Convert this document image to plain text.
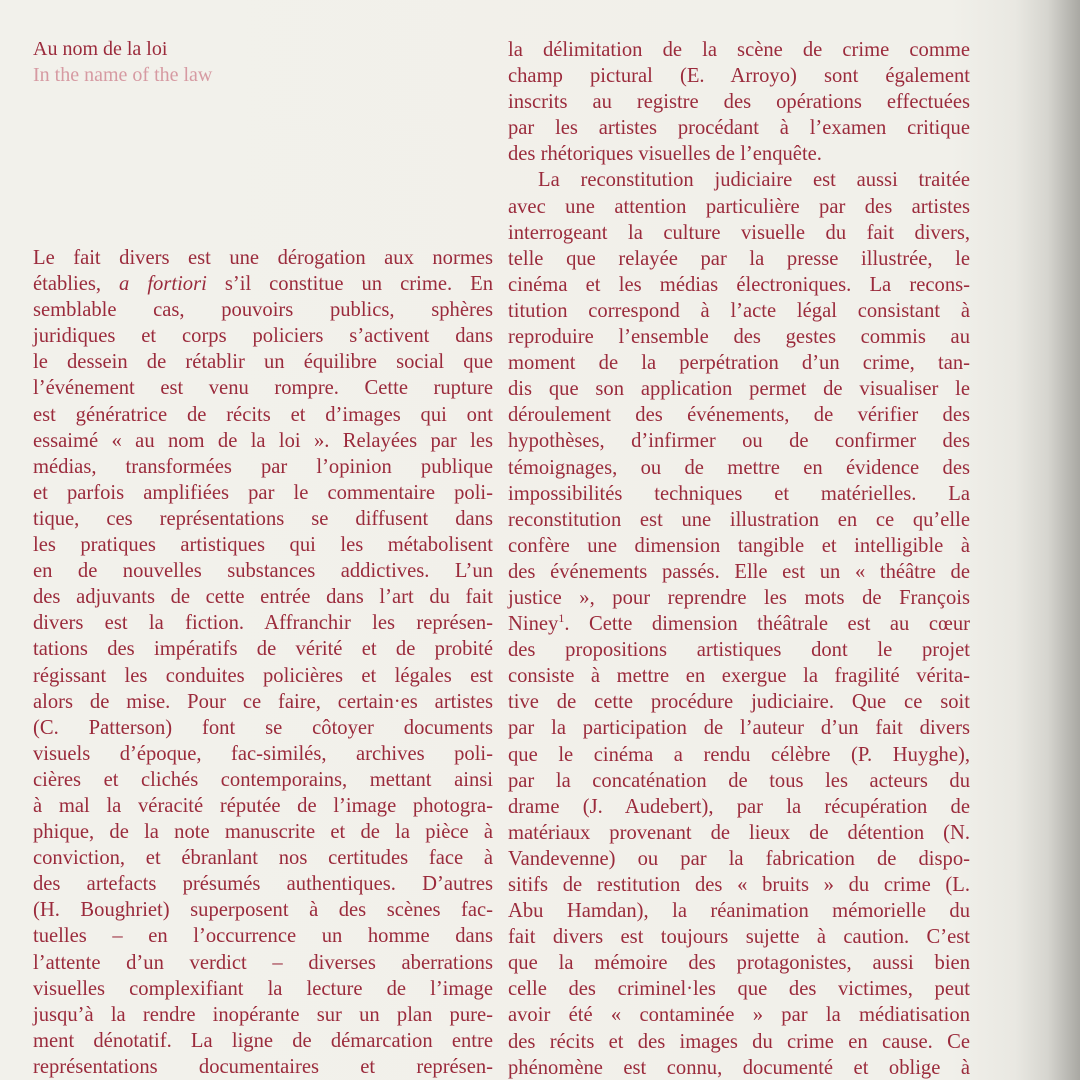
Au nom de la loi
In the name of the law
Le fait divers est une dérogation aux normes
établies, a fortiori s’il constitue un crime. En
semblable cas, pouvoirs publics, sphères
juridiques et corps policiers s’activent dans
le dessein de rétablir un équilibre social que
l’événement est venu rompre. Cette rupture
est génératrice de récits et d’images qui ont
essaimé « au nom de la loi ». Relayées par les
médias, transformées par l’opinion publique
et parfois amplifiées par le commentaire poli-
tique, ces représentations se diffusent dans
les pratiques artistiques qui les métabolisent
en de nouvelles substances addictives. L’un
des adjuvants de cette entrée dans l’art du fait
divers est la fiction. Affranchir les représen-
tations des impératifs de vérité et de probité
régissant les conduites policières et légales est
alors de mise. Pour ce faire, certain·es artistes
(C. Patterson) font se côtoyer documents
visuels d’époque, fac-similés, archives poli-
cières et clichés contemporains, mettant ainsi
à mal la véracité réputée de l’image photogra-
phique, de la note manuscrite et de la pièce à
conviction, et ébranlant nos certitudes face à
des artefacts présumés authentiques. D’autres
(H. Boughriet) superposent à des scènes fac-
tuelles – en l’occurrence un homme dans
l’attente d’un verdict – diverses aberrations
visuelles complexifiant la lecture de l’image
jusqu’à la rendre inopérante sur un plan pure-
ment dénotatif. La ligne de démarcation entre
représentations documentaires et représen-
la délimitation de la scène de crime comme
champ pictural (E. Arroyo) sont également
inscrits au registre des opérations effectuées
par les artistes procédant à l’examen critique
des rhétoriques visuelles de l’enquête.
La reconstitution judiciaire est aussi traitée
avec une attention particulière par des artistes
interrogeant la culture visuelle du fait divers,
telle que relayée par la presse illustrée, le
cinéma et les médias électroniques. La recons-
titution correspond à l’acte légal consistant à
reproduire l’ensemble des gestes commis au
moment de la perpétration d’un crime, tan-
dis que son application permet de visualiser le
déroulement des événements, de vérifier des
hypothèses, d’infirmer ou de confirmer des
témoignages, ou de mettre en évidence des
impossibilités techniques et matérielles. La
reconstitution est une illustration en ce qu’elle
confère une dimension tangible et intelligible à
des événements passés. Elle est un « théâtre de
justice », pour reprendre les mots de François
Niney$^1$. Cette dimension théâtrale est au cœur
des propositions artistiques dont le projet
consiste à mettre en exergue la fragilité vérita-
tive de cette procédure judiciaire. Que ce soit
par la participation de l’auteur d’un fait divers
que le cinéma a rendu célèbre (P. Huyghe),
par la concaténation de tous les acteurs du
drame (J. Audebert), par la récupération de
matériaux provenant de lieux de détention (N.
Vandevenne) ou par la fabrication de dispo-
sitifs de restitution des « bruits » du crime (L.
Abu Hamdan), la réanimation mémorielle du
fait divers est toujours sujette à caution. C’est
que la mémoire des protagonistes, aussi bien
celle des criminel·les que des victimes, peut
avoir été « contaminée » par la médiatisation
des récits et des images du crime en cause. Ce
phénomène est connu, documenté et oblige à
